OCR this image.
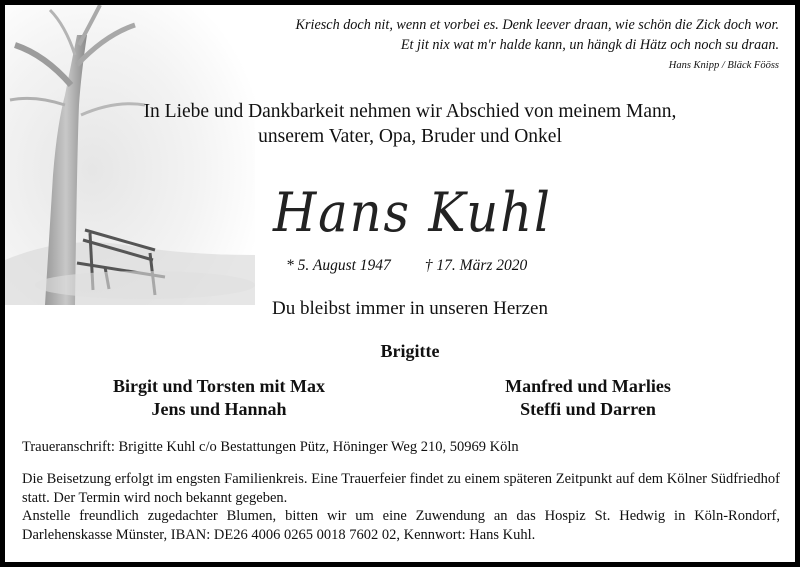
Kriesch doch nit, wenn et vorbei es. Denk leever draan, wie schön die Zick doch wor.
Et jit nix wat m'r halde kann, un hängk di Hätz och noch su draan.
Hans Knipp / Bläck Fööss
In Liebe und Dankbarkeit nehmen wir Abschied von meinem Mann,
unserem Vater, Opa, Bruder und Onkel
Hans Kuhl
* 5. August 1947 † 17. März 2020
Du bleibst immer in unseren Herzen
Brigitte
Birgit und Torsten mit Max
Jens und Hannah
Manfred und Marlies
Steffi und Darren
Traueranschrift: Brigitte Kuhl c/o Bestattungen Pütz, Höninger Weg 210, 50969 Köln

Die Beisetzung erfolgt im engsten Familienkreis. Eine Trauerfeier findet zu einem späteren Zeitpunkt auf dem Kölner Südfriedhof statt. Der Termin wird noch bekannt gegeben.

Anstelle freundlich zugedachter Blumen, bitten wir um eine Zuwendung an das Hospiz St. Hedwig in Köln-Rondorf, Darlehenskasse Münster, IBAN: DE26 4006 0265 0018 7602 02, Kennwort: Hans Kuhl.
